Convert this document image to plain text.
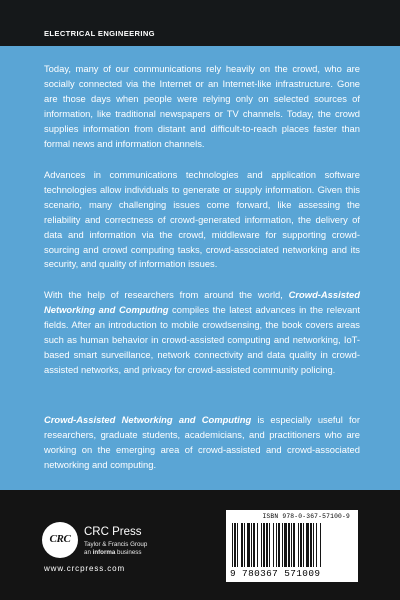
ELECTRICAL ENGINEERING

Today, many of our communications rely heavily on the crowd, who are socially connected via the Internet or an Internet-like infrastructure. Gone are those days when people were relying only on selected sources of information, like traditional newspapers or TV channels. Today, the crowd supplies information from distant and difficult-to-reach places faster than formal news and information channels.

Advances in communications technologies and application software technologies allow individuals to generate or supply information. Given this scenario, many challenging issues come forward, like assessing the reliability and correctness of crowd-generated information, the delivery of data and information via the crowd, middleware for supporting crowd-sourcing and crowd computing tasks, crowd-associated networking and its security, and quality of information issues.

With the help of researchers from around the world, Crowd-Assisted Networking and Computing compiles the latest advances in the relevant fields. After an introduction to mobile crowdsensing, the book covers areas such as human behavior in crowd-assisted computing and networking, IoT-based smart surveillance, network connectivity and data quality in crowd-assisted networks, and privacy for crowd-assisted community policing.

Crowd-Assisted Networking and Computing is especially useful for researchers, graduate students, academicians, and practitioners who are working on the emerging area of crowd-assisted and crowd-associated networking and computing.

CRC
CRC Press
Taylor & Francis Group
an informa business
www.crcpress.com
ISBN 978-0-367-57100-9
9 780367 571009
